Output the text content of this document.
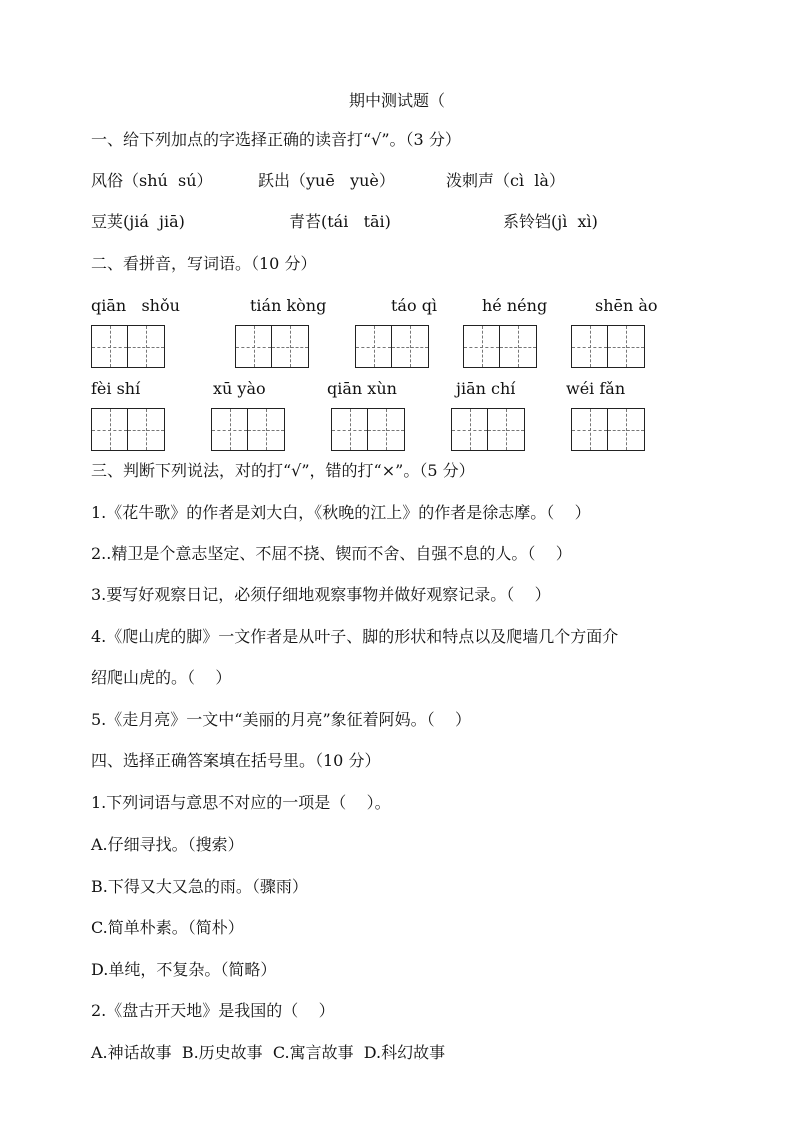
期中测试题（
一、给下列加点的字选择正确的读音打“√”。（3 分）
风俗（shú  sú）	跃出（yuē   yuè）	泼刺声（cì  là）
豆荚(jiá  jiā)	青苔(tái   tāi)	系铃铛(jì  xì)
二、看拼音，写词语。（10 分）
qiān   shǒu	tián kòng	táo qì	hé néng	shēn ào
fèi shí	xū yào	qiān xùn	jiān chí	wéi fǎn
三、判断下列说法，对的打“√”，错的打“×”。（5 分）
1.《花牛歌》的作者是刘大白，《秋晚的江上》的作者是徐志摩。（    ）
2..精卫是个意志坚定、不屈不挠、锲而不舍、自强不息的人。（    ）
3.要写好观察日记，必须仔细地观察事物并做好观察记录。（    ）
4.《爬山虎的脚》一文作者是从叶子、脚的形状和特点以及爬墙几个方面介
绍爬山虎的。（    ）
5.《走月亮》一文中“美丽的月亮”象征着阿妈。（    ）
四、选择正确答案填在括号里。（10 分）
1.下列词语与意思不对应的一项是（    ）。
A.仔细寻找。（搜索）
B.下得又大又急的雨。（骤雨）
C.简单朴素。（简朴）
D.单纯，不复杂。（简略）
2.《盘古开天地》是我国的（    ）
A.神话故事  B.历史故事  C.寓言故事  D.科幻故事
